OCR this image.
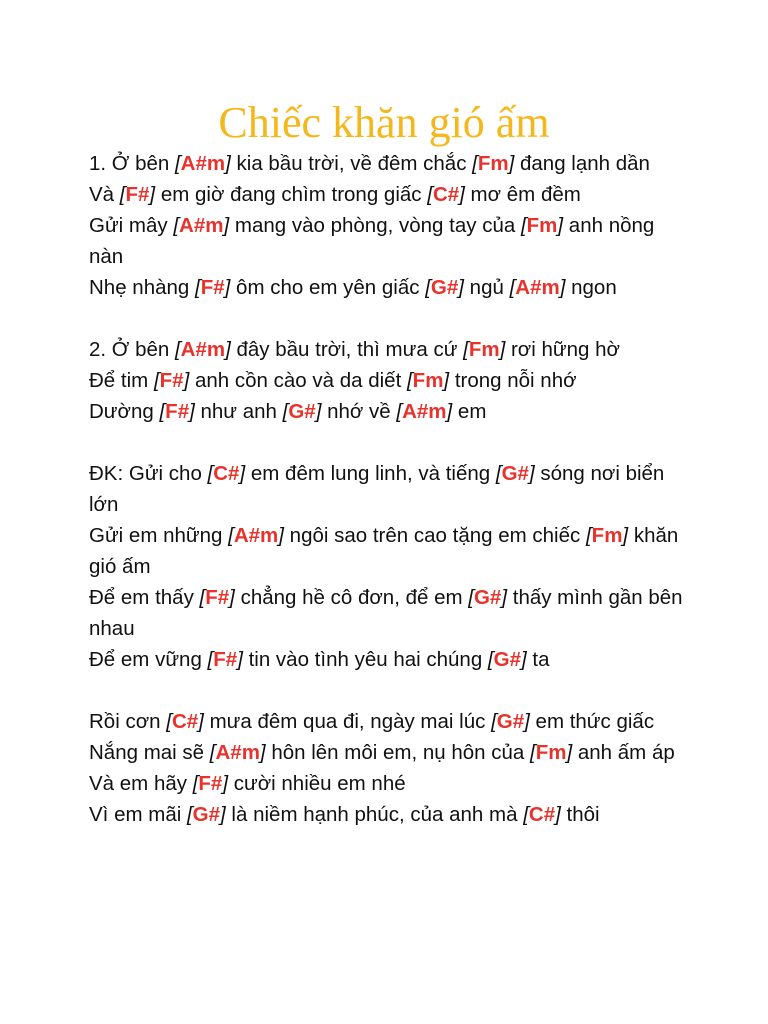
Chiếc khăn gió ấm

1. Ở bên [A#m] kia bầu trời, về đêm chắc [Fm] đang lạnh dần

Và [F#] em giờ đang chìm trong giấc [C#] mơ êm đềm

Gửi mây [A#m] mang vào phòng, vòng tay của [Fm] anh nồng nàn

Nhẹ nhàng [F#] ôm cho em yên giấc [G#] ngủ [A#m] ngon

2. Ở bên [A#m] đây bầu trời, thì mưa cứ [Fm] rơi hững hờ

Để tim [F#] anh cồn cào và da diết [Fm] trong nỗi nhớ

Dường [F#] như anh [G#] nhớ về [A#m] em

ĐK: Gửi cho [C#] em đêm lung linh, và tiếng [G#] sóng nơi biển lớn

Gửi em những [A#m] ngôi sao trên cao tặng em chiếc [Fm] khăn gió ấm

Để em thấy [F#] chẳng hề cô đơn, để em [G#] thấy mình gần bên nhau

Để em vững [F#] tin vào tình yêu hai chúng [G#] ta

Rồi cơn [C#] mưa đêm qua đi, ngày mai lúc [G#] em thức giấc

Nắng mai sẽ [A#m] hôn lên môi em, nụ hôn của [Fm] anh ấm áp

Và em hãy [F#] cười nhiều em nhé

Vì em mãi [G#] là niềm hạnh phúc, của anh mà [C#] thôi
